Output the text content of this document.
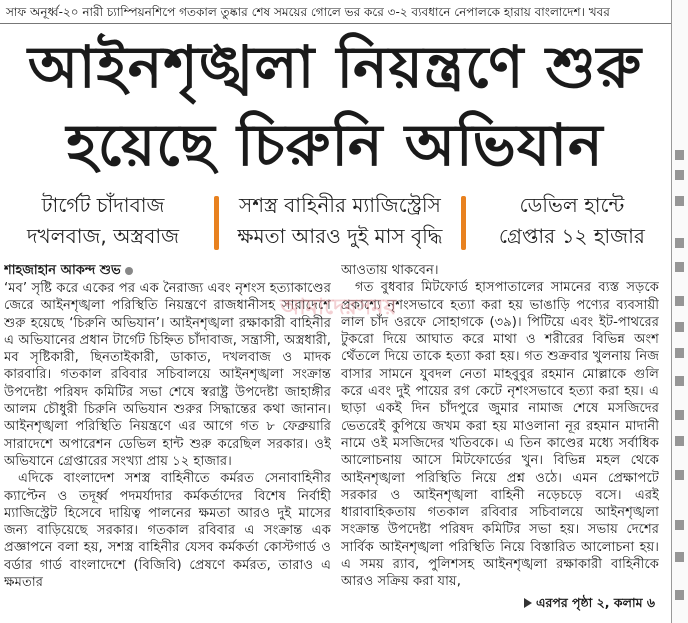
সাফ অনূর্ধ্ব-২০ নারী চ্যাম্পিয়নশিপে গতকাল তুষ্কার শেষ সময়ের গোলে ভর করে ৩-২ ব্যবধানে নেপালকে হারায় বাংলাদেশ। খবর
আইনশৃঙ্খলা নিয়ন্ত্রণে শুরু
হয়েছে চিরুনি অভিযান
টার্গেট চাঁদাবাজ
দখলবাজ, অস্ত্রবাজ
সশস্ত্র বাহিনীর ম্যাজিস্ট্রেসি
ক্ষমতা আরও দুই মাস বৃদ্ধি
ডেভিল হান্টে
গ্রেপ্তার ১২ হাজার
শাহজাহান আকন্দ শুভ

‘মব’ সৃষ্টি করে একের পর এক নৈরাজ্য এবং নৃশংস হত্যাকাণ্ডের জেরে আইনশৃঙ্খলা পরিস্থিতি নিয়ন্ত্রণে রাজধানীসহ সারাদেশে শুরু হয়েছে ‘চিরুনি অভিযান’। আইনশৃঙ্খলা রক্ষাকারী বাহিনীর এ অভিযানের প্রধান টার্গেট চিহ্নিত চাঁদাবাজ, সন্ত্রাসী, অস্ত্রধারী, মব সৃষ্টিকারী, ছিনতাইকারী, ডাকাত, দখলবাজ ও মাদক কারবারি। গতকাল রবিবার সচিবালয়ে আইনশৃঙ্খলা সংক্রান্ত উপদেষ্টা পরিষদ কমিটির সভা শেষে স্বরাষ্ট্র উপদেষ্টা জাহাঙ্গীর আলম চৌধুরী চিরুনি অভিযান শুরুর সিদ্ধান্তের কথা জানান। আইনশৃঙ্খলা পরিস্থিতি নিয়ন্ত্রণে এর আগে গত ৮ ফেব্রুয়ারি সারাদেশে অপারেশন ডেভিল হান্ট শুরু করেছিল সরকার। ওই অভিযানে গ্রেপ্তারের সংখ্যা প্রায় ১২ হাজার।

এদিকে বাংলাদেশ সশস্ত্র বাহিনীতে কর্মরত সেনাবাহিনীর ক্যাপ্টেন ও তদূর্ধ্ব পদমর্যাদার কর্মকর্তাদের বিশেষ নির্বাহী ম্যাজিস্ট্রেট হিসেবে দায়িত্ব পালনের ক্ষমতা আরও দুই মাসের জন্য বাড়িয়েছে সরকার। গতকাল রবিবার এ সংক্রান্ত এক প্রজ্ঞাপনে বলা হয়, সশস্ত্র বাহিনীর যেসব কর্মকর্তা কোস্টগার্ড ও বর্ডার গার্ড বাংলাদেশে (বিজিবি) প্রেষণে কর্মরত, তারাও এ ক্ষমতার

আওতায় থাকবেন।

গত বুধবার মিটফোর্ড হাসপাতালের সামনের ব্যস্ত সড়কে প্রকাশ্যে নৃশংসভাবে হত্যা করা হয় ভাঙাড়ি পণ্যের ব্যবসায়ী লাল চাঁদ ওরফে সোহাগকে (৩৯)। পিটিয়ে এবং ইট-পাথরের টুকরো দিয়ে আঘাত করে মাথা ও শরীরের বিভিন্ন অংশ থেঁতলে দিয়ে তাকে হত্যা করা হয়। গত শুক্রবার খুলনায় নিজ বাসার সামনে যুবদল নেতা মাহবুবুর রহমান মোল্লাকে গুলি করে এবং দুই পায়ের রগ কেটে নৃশংসভাবে হত্যা করা হয়। এ ছাড়া একই দিন চাঁদপুরে জুমার নামাজ শেষে মসজিদের ভেতরেই কুপিয়ে জখম করা হয় মাওলানা নূর রহমান মাদানী নামে ওই মসজিদের খতিবকে। এ তিন কাণ্ডের মধ্যে সর্বাধিক আলোচনায় আসে মিটফোর্ডের খুন। বিভিন্ন মহল থেকে আইনশৃঙ্খলা পরিস্থিতি নিয়ে প্রশ্ন ওঠে। এমন প্রেক্ষাপটে সরকার ও আইনশৃঙ্খলা বাহিনী নড়েচড়ে বসে। এরই ধারাবাহিকতায় গতকাল রবিবার সচিবালয়ে আইনশৃঙ্খলা সংক্রান্ত উপদেষ্টা পরিষদ কমিটির সভা হয়। সভায় দেশের সার্বিক আইনশৃঙ্খলা পরিস্থিতি নিয়ে বিস্তারিত আলোচনা হয়। এ সময় র‌্যাব, পুলিশসহ আইনশৃঙ্খলা রক্ষাকারী বাহিনীকে আরও সক্রিয় করা যায়,

এরপর পৃষ্ঠা ২, কলাম ৬
আমাদেরসময়
